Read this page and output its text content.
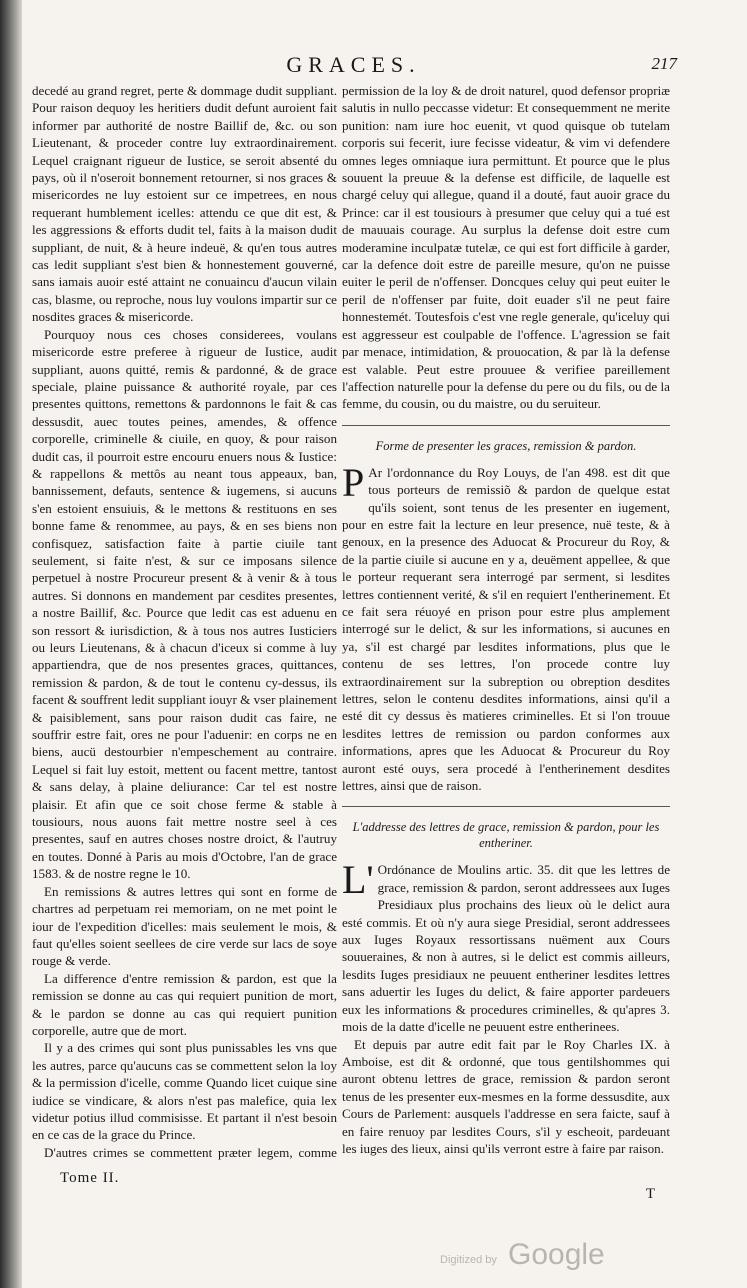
GRACES.	217

decedé au grand regret, perte & dommage dudit suppliant. Pour raison dequoy les heritiers dudit defunt auroient fait informer par authorité de nostre Baillif de, &c. ou son Lieutenant, & proceder contre luy extraordinairement. Lequel craignant rigueur de Iustice, se seroit absenté du pays, où il n'oseroit bonnement retourner, si nos graces & misericordes ne luy estoient sur ce impetrees, en nous requerant humblement icelles: attendu ce que dit est, & les aggressions & efforts dudit tel, faits à la maison dudit suppliant, de nuit, & à heure indeuë, & qu'en tous autres cas ledit suppliant s'est bien & honnestement gouverné, sans iamais auoir esté attaint ne conuaincu d'aucun vilain cas, blasme, ou reproche, nous luy voulons impartir sur ce nosdites graces & misericorde.

Pourquoy nous ces choses considerees, voulans misericorde estre preferee à rigueur de Iustice, audit suppliant, auons quitté, remis & pardonné, & de grace speciale, plaine puissance & authorité royale, par ces presentes quittons, remettons & pardonnons le fait & cas dessusdit, auec toutes peines, amendes, & offence corporelle, criminelle & ciuile, en quoy, & pour raison dudit cas, il pourroit estre encouru enuers nous & Iustice: & rappellons & mettôs au neant tous appeaux, ban, bannissement, defauts, sentence & iugemens, si aucuns s'en estoient ensuiuis, & le mettons & restituons en ses bonne fame & renommee, au pays, & en ses biens non confisquez, satisfaction faite à partie ciuile tant seulement, si faite n'est, & sur ce imposans silence perpetuel à nostre Procureur present & à venir & à tous autres. Si donnons en mandement par cesdites presentes, a nostre Baillif, &c. Pource que ledit cas est aduenu en son ressort & iurisdiction, & à tous nos autres Iusticiers ou leurs Lieutenans, & à chacun d'iceux si comme à luy appartiendra, que de nos presentes graces, quittances, remission & pardon, & de tout le contenu cy-dessus, ils facent & souffrent ledit suppliant iouyr & vser plainement & paisiblement, sans pour raison dudit cas faire, ne souffrir estre fait, ores ne pour l'aduenir: en corps ne en biens, aucü destourbier n'empeschement au contraire. Lequel si fait luy estoit, mettent ou facent mettre, tantost & sans delay, à plaine deliurance: Car tel est nostre plaisir. Et afin que ce soit chose ferme & stable à tousiours, nous auons fait mettre nostre seel à ces presentes, sauf en autres choses nostre droict, & l'autruy en toutes. Donné à Paris au mois d'Octobre, l'an de grace 1583. & de nostre regne le 10.

En remissions & autres lettres qui sont en forme de chartres ad perpetuam rei memoriam, on ne met point le iour de l'expedition d'icelles: mais seulement le mois, & faut qu'elles soient seellees de cire verde sur lacs de soye rouge & verde.

La difference d'entre remission & pardon, est que la remission se donne au cas qui requiert punition de mort, & le pardon se donne au cas qui requiert punition corporelle, autre que de mort.

Il y a des crimes qui sont plus punissables les vns que les autres, parce qu'aucuns cas se commettent selon la loy & la permission d'icelle, comme Quando licet cuique sine iudice se vindicare, & alors n'est pas malefice, quia lex videtur potius illud commisisse. Et partant il n'est besoin en ce cas de la grace du Prince.

D'autres crimes se commettent præter legem, comme

permission de la loy & de droit naturel, quod defensor propriæ salutis in nullo peccasse videtur: Et consequemment ne merite punition: nam iure hoc euenit, vt quod quisque ob tutelam corporis sui fecerit, iure fecisse videatur, & vim vi defendere omnes leges omniaque iura permittunt. Et pource que le plus souuent la preuue & la defense est difficile, de laquelle est chargé celuy qui allegue, quand il a douté, faut auoir grace du Prince: car il est tousiours à presumer que celuy qui a tué est de mauuais courage. Au surplus la defense doit estre cum moderamine inculpatæ tutelæ, ce qui est fort difficile à garder, car la defence doit estre de pareille mesure, qu'on ne puisse euiter le peril de n'offenser. Doncques celuy qui peut euiter le peril de n'offenser par fuite, doit euader s'il ne peut faire honnestemét. Toutesfois c'est vne regle generale, qu'iceluy qui est aggresseur est coulpable de l'offence. L'agression se fait par menace, intimidation, & prouocation, & par là la defense est valable. Peut estre prouuee & verifiee pareillement l'affection naturelle pour la defense du pere ou du fils, ou de la femme, du cousin, ou du maistre, ou du seruiteur.

Forme de presenter les graces, remission & pardon.

PAr l'ordonnance du Roy Louys, de l'an 498. est dit que tous porteurs de remissiõ & pardon de quelque estat qu'ils soient, sont tenus de les presenter en iugement, pour en estre fait la lecture en leur presence, nuë teste, & à genoux, en la presence des Aduocat & Procureur du Roy, & de la partie ciuile si aucune en y a, deuëment appellee, & que le porteur requerant sera interrogé par serment, si lesdites lettres contiennent verité, & s'il en requiert l'entherinement. Et ce fait sera réuoyé en prison pour estre plus amplement interrogé sur le delict, & sur les informations, si aucunes en ya, s'il est chargé par lesdites informations, plus que le contenu de ses lettres, l'on procede contre luy extraordinairement sur la subreption ou obreption desdites lettres, selon le contenu desdites informations, ainsi qu'il a esté dit cy dessus ès matieres criminelles. Et si l'on trouue lesdites lettres de remission ou pardon conformes aux informations, apres que les Aduocat & Procureur du Roy auront esté ouys, sera procedé à l'entherinement desdites lettres, ainsi que de raison.

L'addresse des lettres de grace, remission & pardon, pour les entheriner.

L'Ordónance de Moulins artic. 35. dit que les lettres de grace, remission & pardon, seront addressees aux Iuges Presidiaux plus prochains des lieux où le delict aura esté commis. Et où n'y aura siege Presidial, seront addressees aux Iuges Royaux ressortissans nuëment aux Cours souueraines, & non à autres, si le delict est commis ailleurs, lesdits Iuges presidiaux ne peuuent entheriner lesdites lettres sans aduertir les Iuges du delict, & faire apporter pardeuers eux les informations & procedures criminelles, & qu'apres 3. mois de la datte d'icelle ne peuuent estre entherinees.

Et depuis par autre edit fait par le Roy Charles IX. à Amboise, est dit & ordonné, que tous gentilshommes qui auront obtenu lettres de grace, remission & pardon seront tenus de les presenter eux-mesmes en la forme dessusdite, aux Cours de Parlement: ausquels l'addresse en sera faicte, sauf à en faire renuoy par lesdites Cours, s'il y escheoit, pardeuant les iuges des lieux, ainsi qu'ils verront estre à faire par raison.

Tome II.
T
Digitized by Google
